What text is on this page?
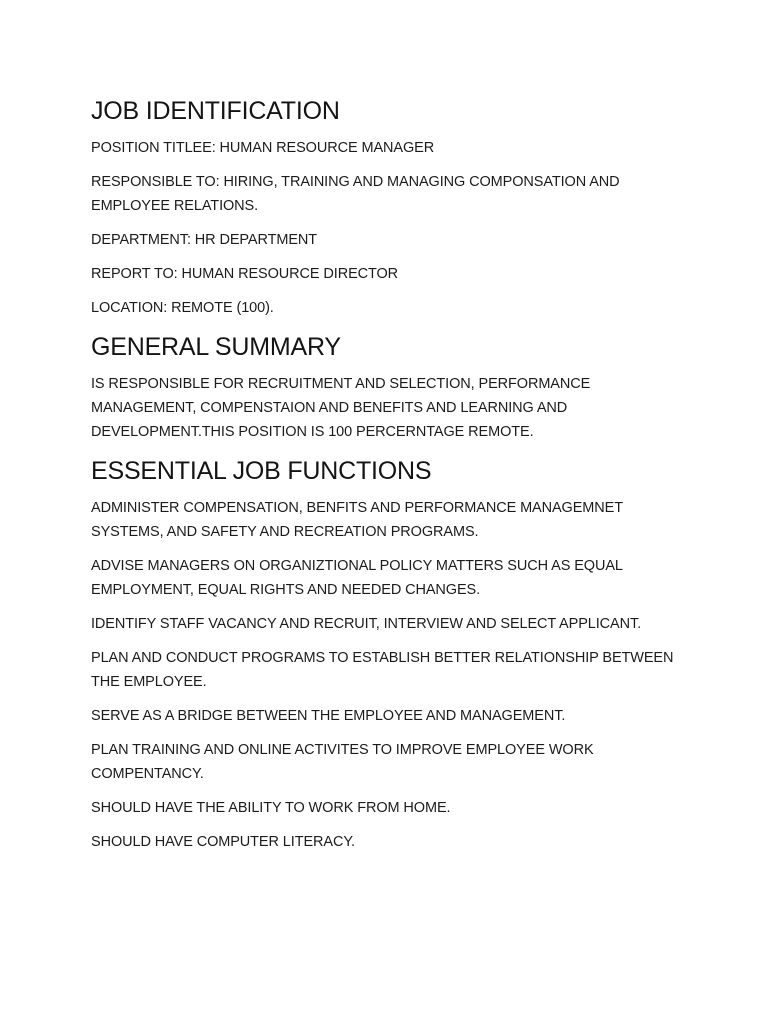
JOB IDENTIFICATION

POSITION TITLEE: HUMAN RESOURCE MANAGER

RESPONSIBLE TO: HIRING, TRAINING AND MANAGING COMPONSATION AND EMPLOYEE RELATIONS.

DEPARTMENT: HR DEPARTMENT

REPORT TO: HUMAN RESOURCE DIRECTOR

LOCATION: REMOTE (100).

GENERAL SUMMARY

IS RESPONSIBLE FOR RECRUITMENT AND SELECTION, PERFORMANCE MANAGEMENT, COMPENSTAION AND BENEFITS AND LEARNING AND DEVELOPMENT.THIS POSITION IS 100 PERCERNTAGE REMOTE.

ESSENTIAL JOB FUNCTIONS

ADMINISTER COMPENSATION, BENFITS AND PERFORMANCE MANAGEMNET SYSTEMS, AND SAFETY AND RECREATION PROGRAMS.

ADVISE MANAGERS ON ORGANIZTIONAL POLICY MATTERS SUCH AS EQUAL EMPLOYMENT, EQUAL RIGHTS AND NEEDED CHANGES.

IDENTIFY STAFF VACANCY AND RECRUIT, INTERVIEW AND SELECT APPLICANT.

PLAN AND CONDUCT PROGRAMS TO ESTABLISH BETTER RELATIONSHIP BETWEEN THE EMPLOYEE.

SERVE AS A BRIDGE BETWEEN THE EMPLOYEE AND MANAGEMENT.

PLAN TRAINING AND ONLINE ACTIVITES TO IMPROVE EMPLOYEE WORK COMPENTANCY.

SHOULD HAVE THE ABILITY TO WORK FROM HOME.

SHOULD HAVE COMPUTER LITERACY.
